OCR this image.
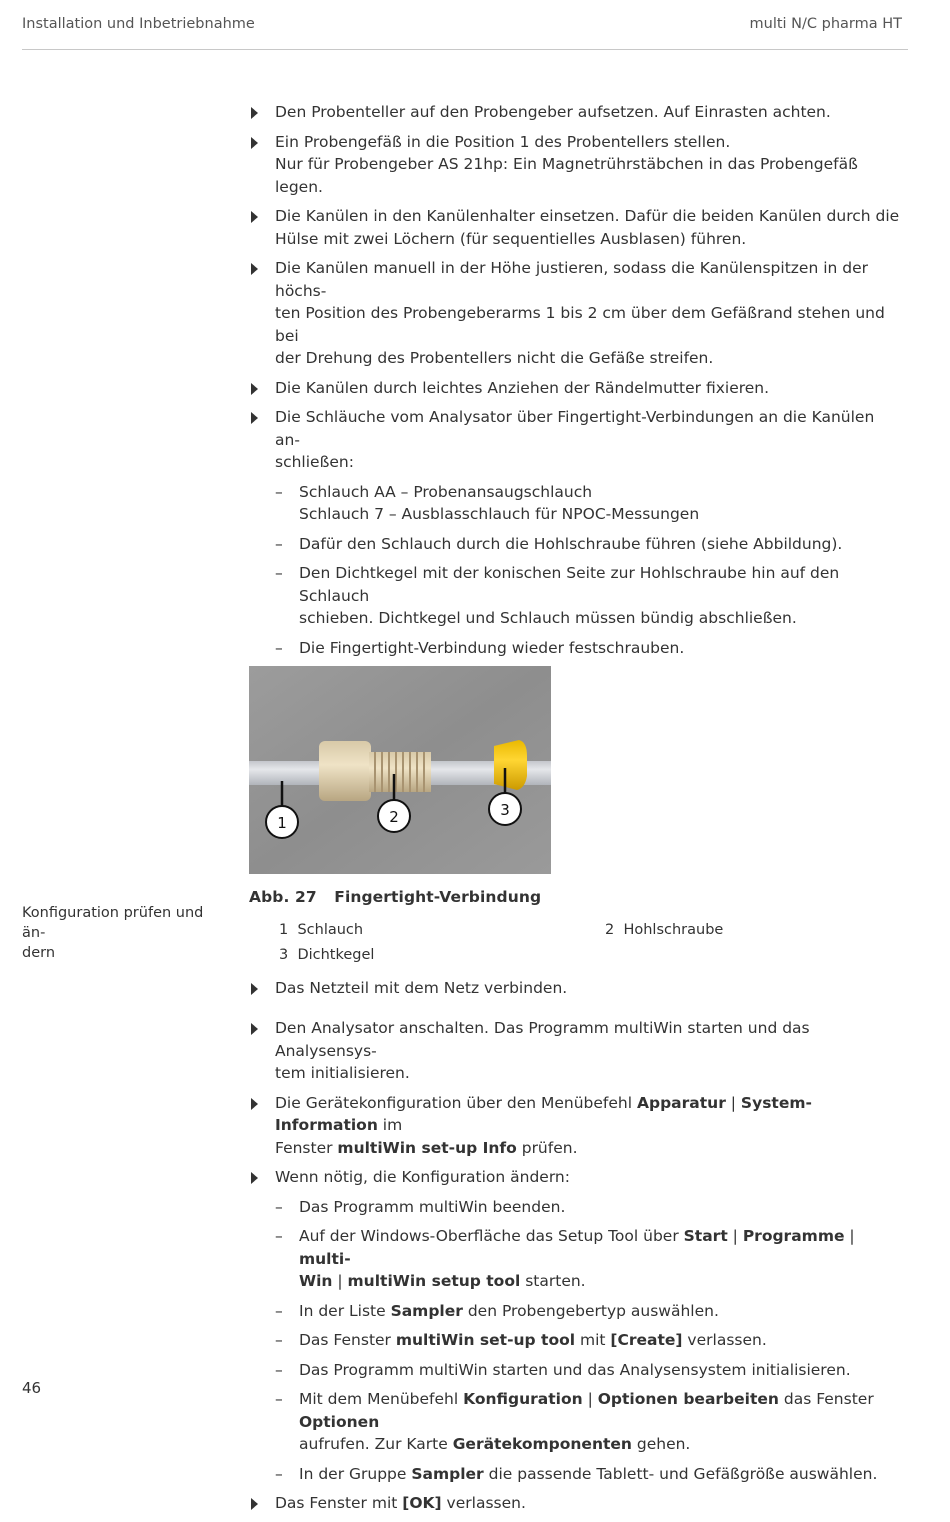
Installation und Inbetriebnahme	multi N/C pharma HT
Konfiguration prüfen und än-
dern

Den Probenteller auf den Probengeber aufsetzen. Auf Einrasten achten.

Ein Probengefäß in die Position 1 des Probentellers stellen.

Nur für Probengeber AS 21hp: Ein Magnetrührstäbchen in das Probengefäß legen.

Die Kanülen in den Kanülenhalter einsetzen. Dafür die beiden Kanülen durch die

Hülse mit zwei Löchern (für sequentielles Ausblasen) führen.

Die Kanülen manuell in der Höhe justieren, sodass die Kanülenspitzen in der höchs-

ten Position des Probengeberarms 1 bis 2 cm über dem Gefäßrand stehen und bei

der Drehung des Probentellers nicht die Gefäße streifen.

Die Kanülen durch leichtes Anziehen der Rändelmutter fixieren.

Die Schläuche vom Analysator über Fingertight-Verbindungen an die Kanülen an-

schließen:

– Schlauch AA – Probenansaugschlauch

Schlauch 7 – Ausblasschlauch für NPOC-Messungen

– Dafür den Schlauch durch die Hohlschraube führen (siehe Abbildung).

– Den Dichtkegel mit der konischen Seite zur Hohlschraube hin auf den Schlauch

schieben. Dichtkegel und Schlauch müssen bündig abschließen.

– Die Fingertight-Verbindung wieder festschrauben.

1	2	3
Abb. 27 Fingertight-Verbindung
1 Schlauch	2 Hohlschraube
3 Dichtkegel

Das Netzteil mit dem Netz verbinden.

Den Analysator anschalten. Das Programm multiWin starten und das Analysensys-

tem initialisieren.

Die Gerätekonfiguration über den Menübefehl Apparatur | System-Information im

Fenster multiWin set-up Info prüfen.

Wenn nötig, die Konfiguration ändern:

– Das Programm multiWin beenden.

– Auf der Windows-Oberfläche das Setup Tool über Start | Programme | multi-

Win | multiWin setup tool starten.

– In der Liste Sampler den Probengebertyp auswählen.

– Das Fenster multiWin set-up tool mit [Create] verlassen.

– Das Programm multiWin starten und das Analysensystem initialisieren.

– Mit dem Menübefehl Konfiguration | Optionen bearbeiten das Fenster Optionen

aufrufen. Zur Karte Gerätekomponenten gehen.

– In der Gruppe Sampler die passende Tablett- und Gefäßgröße auswählen.

Das Fenster mit [OK] verlassen.

46
